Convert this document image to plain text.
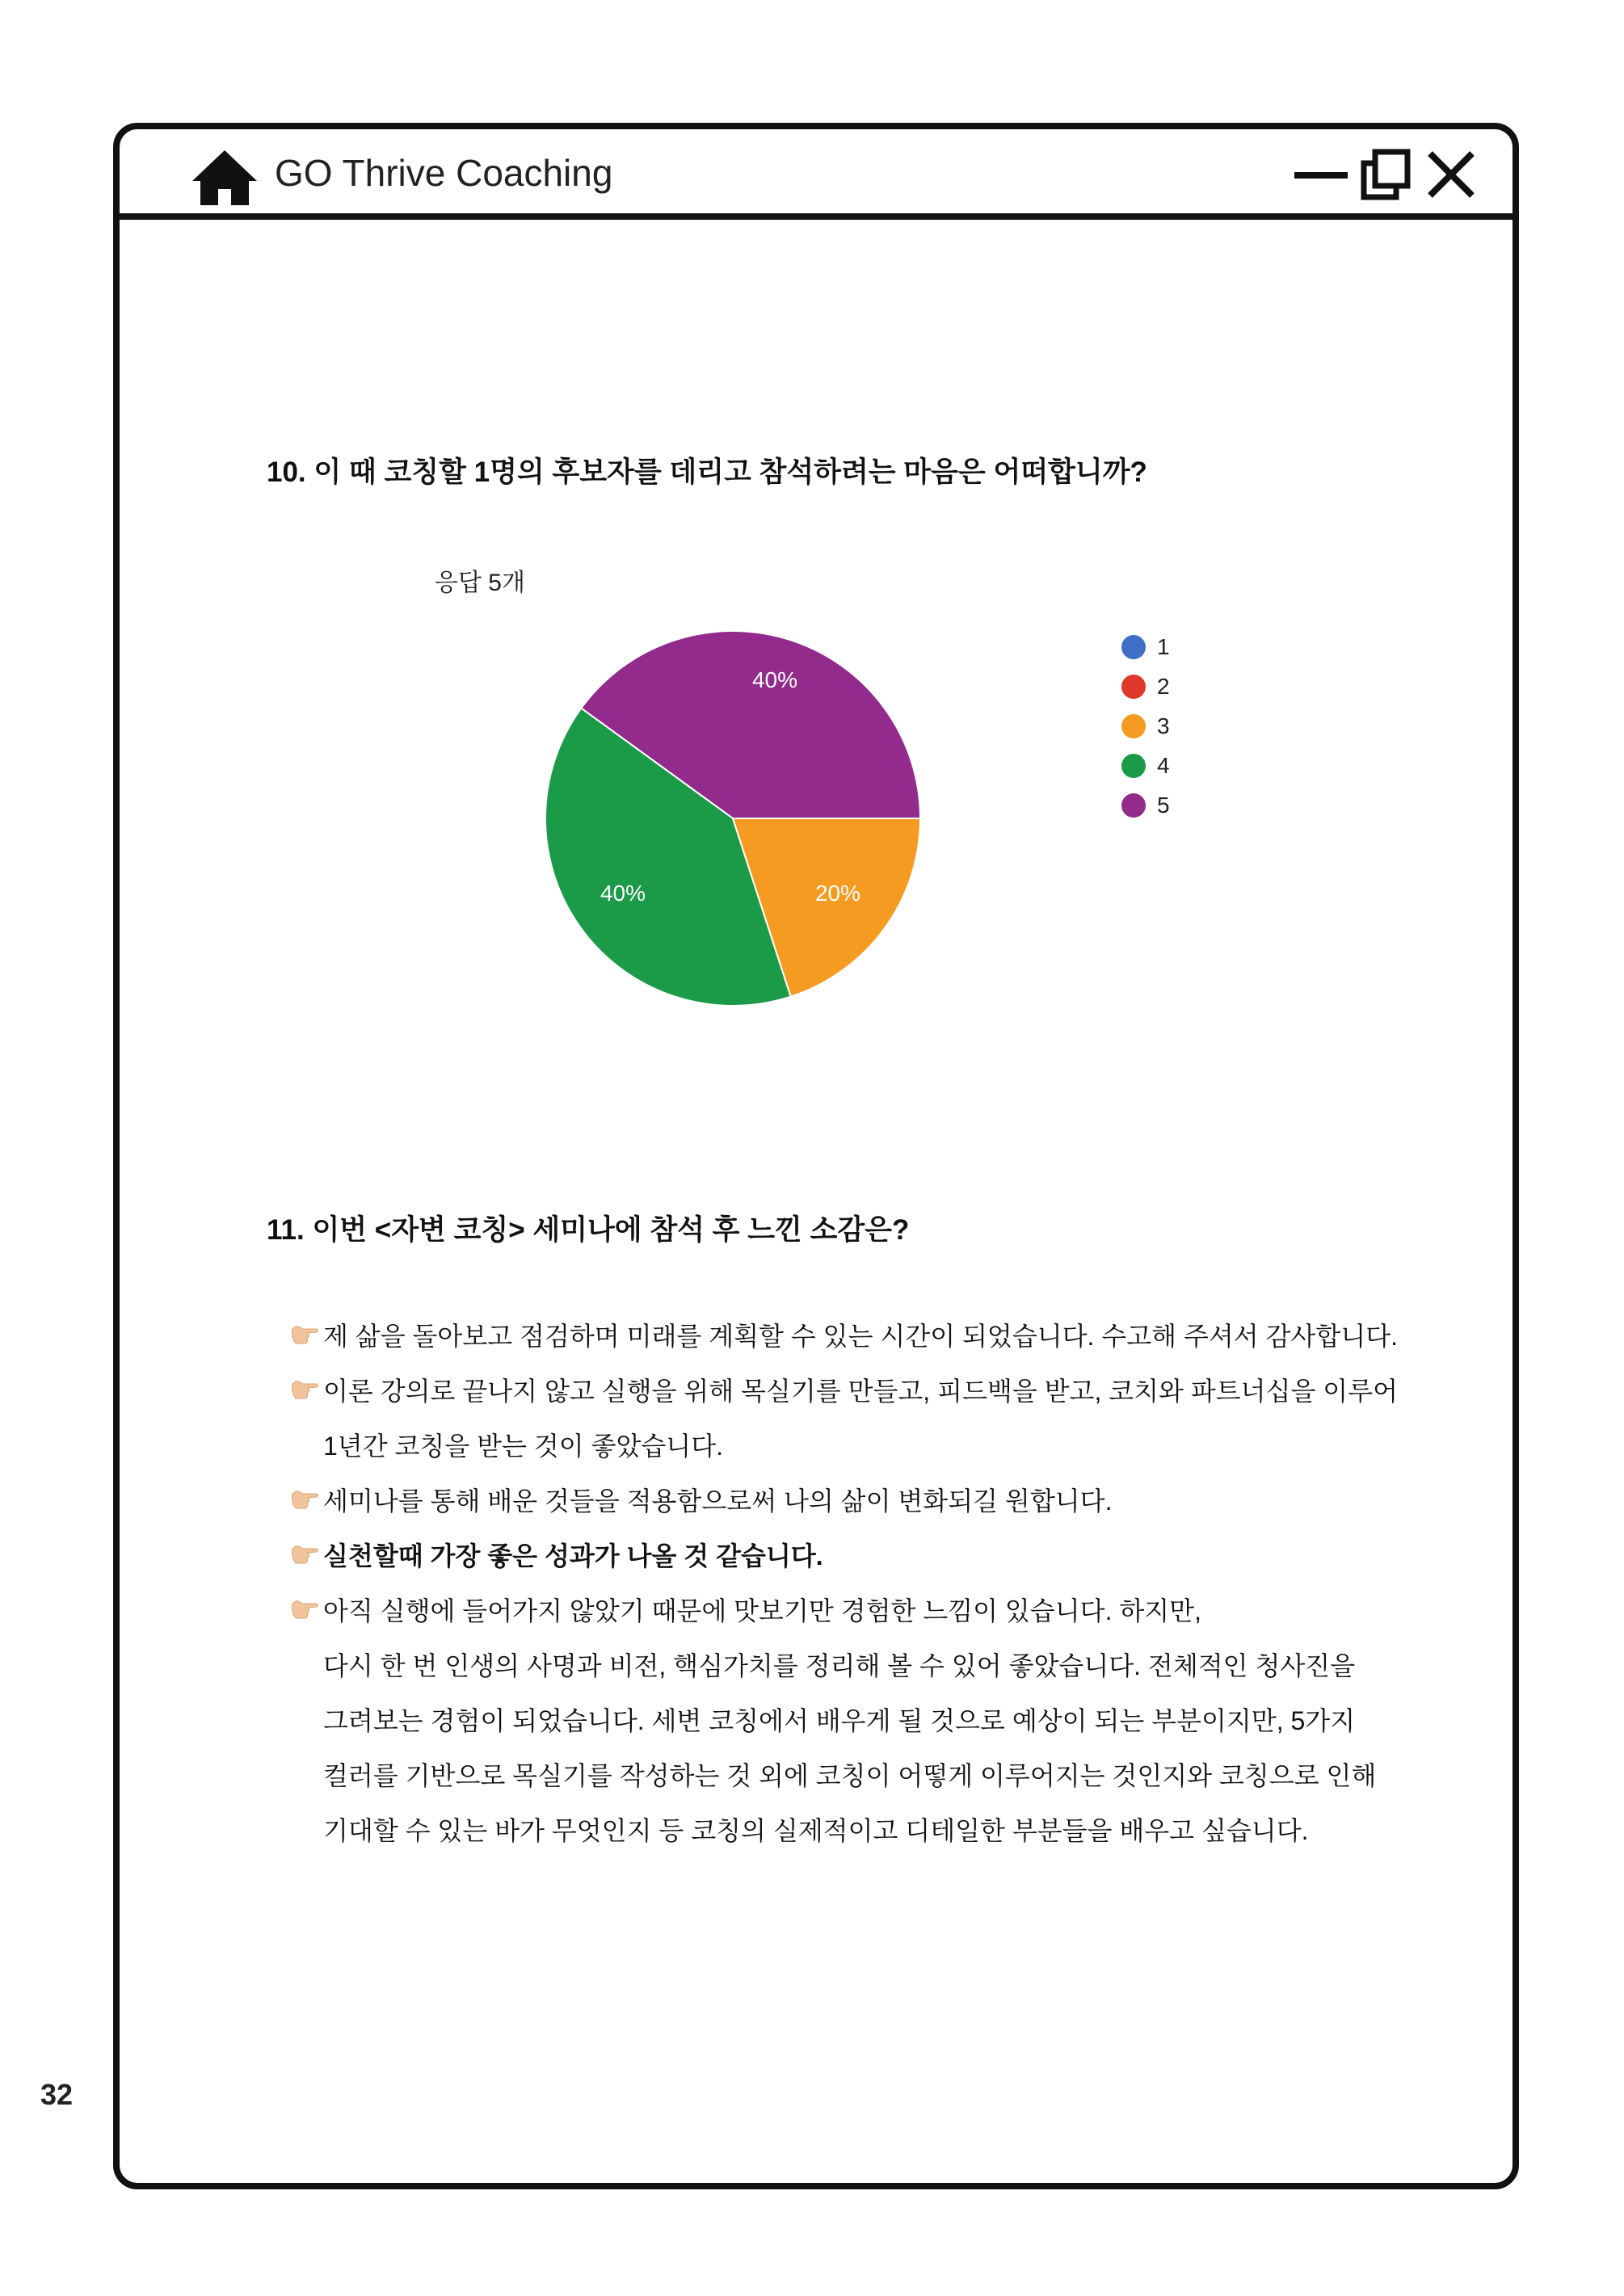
GO Thrive Coaching
32
10. 이 때 코칭할 1명의 후보자를 데리고 참석하려는 마음은 어떠합니까?
응답 5개
40%
40%	20%
1
2
3
4
5
11. 이번 <자변 코칭> 세미나에 참석 후 느낀 소감은?
제 삶을 돌아보고 점검하며 미래를 계획할 수 있는 시간이 되었습니다. 수고해 주셔서 감사합니다.
이론 강의로 끝나지 않고 실행을 위해 목실기를 만들고, 피드백을 받고, 코치와 파트너십을 이루어
1년간 코칭을 받는 것이 좋았습니다.
세미나를 통해 배운 것들을 적용함으로써 나의 삶이 변화되길 원합니다.
실천할때 가장 좋은 성과가 나올 것 같습니다.
아직 실행에 들어가지 않았기 때문에 맛보기만 경험한 느낌이 있습니다. 하지만,
다시 한 번 인생의 사명과 비전, 핵심가치를 정리해 볼 수 있어 좋았습니다. 전체적인 청사진을
그려보는 경험이 되었습니다. 세변 코칭에서 배우게 될 것으로 예상이 되는 부분이지만, 5가지
컬러를 기반으로 목실기를 작성하는 것 외에 코칭이 어떻게 이루어지는 것인지와 코칭으로 인해
기대할 수 있는 바가 무엇인지 등 코칭의 실제적이고 디테일한 부분들을 배우고 싶습니다.
